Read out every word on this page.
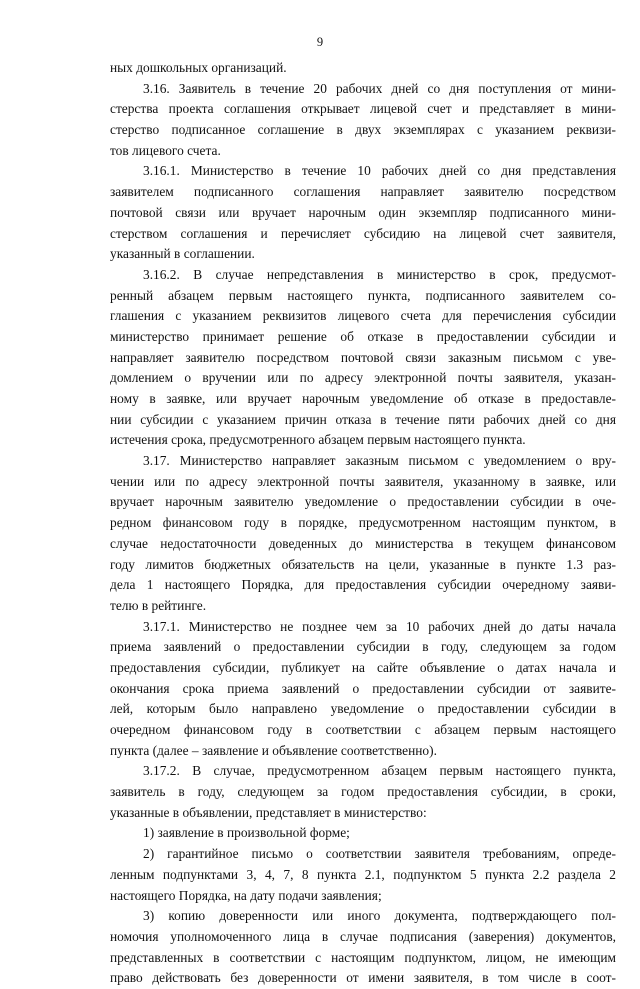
9
ных дошкольных организаций.
3.16. Заявитель в течение 20 рабочих дней со дня поступления от мини-
стерства проекта соглашения открывает лицевой счет и представляет в мини-
стерство подписанное соглашение в двух экземплярах с указанием реквизи-
тов лицевого счета.
3.16.1. Министерство в течение 10 рабочих дней со дня представления
заявителем подписанного соглашения направляет заявителю посредством
почтовой связи или вручает нарочным один экземпляр подписанного мини-
стерством соглашения и перечисляет субсидию на лицевой счет заявителя,
указанный в соглашении.
3.16.2. В случае непредставления в министерство в срок, предусмот-
ренный абзацем первым настоящего пункта, подписанного заявителем со-
глашения с указанием реквизитов лицевого счета для перечисления субсидии
министерство принимает решение об отказе в предоставлении субсидии и
направляет заявителю посредством почтовой связи заказным письмом с уве-
домлением о вручении или по адресу электронной почты заявителя, указан-
ному в заявке, или вручает нарочным уведомление об отказе в предоставле-
нии субсидии с указанием причин отказа в течение пяти рабочих дней со дня
истечения срока, предусмотренного абзацем первым настоящего пункта.
3.17. Министерство направляет заказным письмом с уведомлением о вру-
чении или по адресу электронной почты заявителя, указанному в заявке, или
вручает нарочным заявителю уведомление о предоставлении субсидии в оче-
редном финансовом году в порядке, предусмотренном настоящим пунктом, в
случае недостаточности доведенных до министерства в текущем финансовом
году лимитов бюджетных обязательств на цели, указанные в пункте 1.3 раз-
дела 1 настоящего Порядка, для предоставления субсидии очередному заяви-
телю в рейтинге.
3.17.1. Министерство не позднее чем за 10 рабочих дней до даты начала
приема заявлений о предоставлении субсидии в году, следующем за годом
предоставления субсидии, публикует на сайте объявление о датах начала и
окончания срока приема заявлений о предоставлении субсидии от заявите-
лей, которым было направлено уведомление о предоставлении субсидии в
очередном финансовом году в соответствии с абзацем первым настоящего
пункта (далее – заявление и объявление соответственно).
3.17.2. В случае, предусмотренном абзацем первым настоящего пункта,
заявитель в году, следующем за годом предоставления субсидии, в сроки,
указанные в объявлении, представляет в министерство:
1) заявление в произвольной форме;
2) гарантийное письмо о соответствии заявителя требованиям, опреде-
ленным подпунктами 3, 4, 7, 8 пункта 2.1, подпунктом 5 пункта 2.2 раздела 2
настоящего Порядка, на дату подачи заявления;
3) копию доверенности или иного документа, подтверждающего пол-
номочия уполномоченного лица в случае подписания (заверения) документов,
представленных в соответствии с настоящим подпунктом, лицом, не имеющим
право действовать без доверенности от имени заявителя, в том числе в соот-
